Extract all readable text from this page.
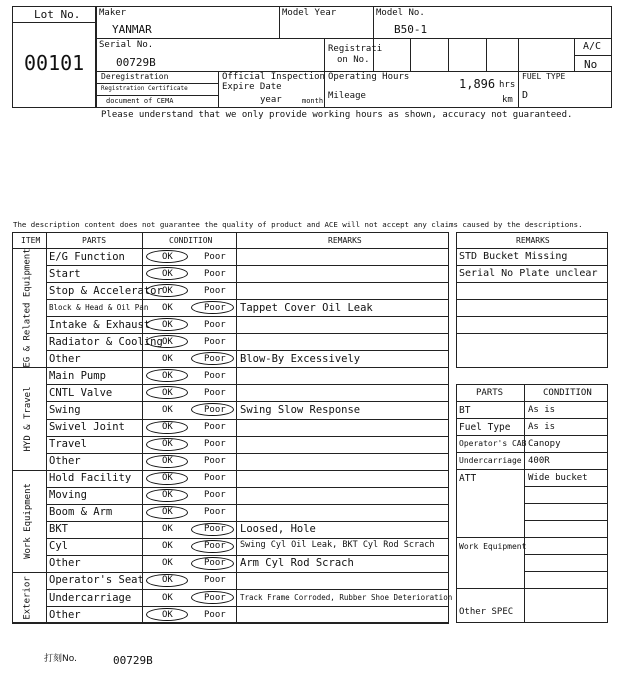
Lot No.
00101
Maker
YANMAR
Model Year	Model No.
B50-1
Serial No.
00729B
Registrati
on No.
A/C
No
Deregistration
Registration Certificate
document of CEMA
Official Inspection
Expire Date
year	month
Operating Hours	1,896 hrs
km
Mileage
FUEL TYPE
D
Please understand that we only provide working hours as shown, accuracy not guaranteed.
The description content does not guarantee the quality of product and ACE will not accept any claims caused by the descriptions.
ITEM	PARTS	CONDITION	REMARKS
E/G Function	OK	Poor
Start	OK	Poor
Stop & Accelerator OK	Poor
Block & Head & Oil Pan OK	Poor Tappet Cover Oil Leak
Intake & Exhaust OK	Poor
Radiator & Cooling OK	Poor
Other	OK	Poor Blow-By Excessively
EG & Related Equipment
Main Pump	OK	Poor
CNTL Valve	OK	Poor
Swing	OK	Poor Swing Slow Response
Swivel Joint	OK	Poor
Travel	OK	Poor
Other	OK	Poor
HYD & Travel
Hold Facility	OK	Poor
Moving	OK	Poor
Boom & Arm	OK	Poor
BKT	OK	Poor Loosed, Hole
Cyl	OK	Poor Swing Cyl Oil Leak, BKT Cyl Rod Scrach
Other	OK	Poor Arm Cyl Rod Scrach
Work Equipment
Operator's Seat OK	Poor
Undercarriage	OK	Poor Track Frame Corroded, Rubber Shoe Deterioration
Other	OK	Poor
Exterior
REMARKS
STD Bucket Missing
Serial No Plate unclear
PARTS	CONDITION
BT	As is
Fuel Type As is
Operator's CAB Canopy
Undercarriage 400R
ATT	Wide bucket
Work Equipment
Other SPEC
打刻No.	00729B
